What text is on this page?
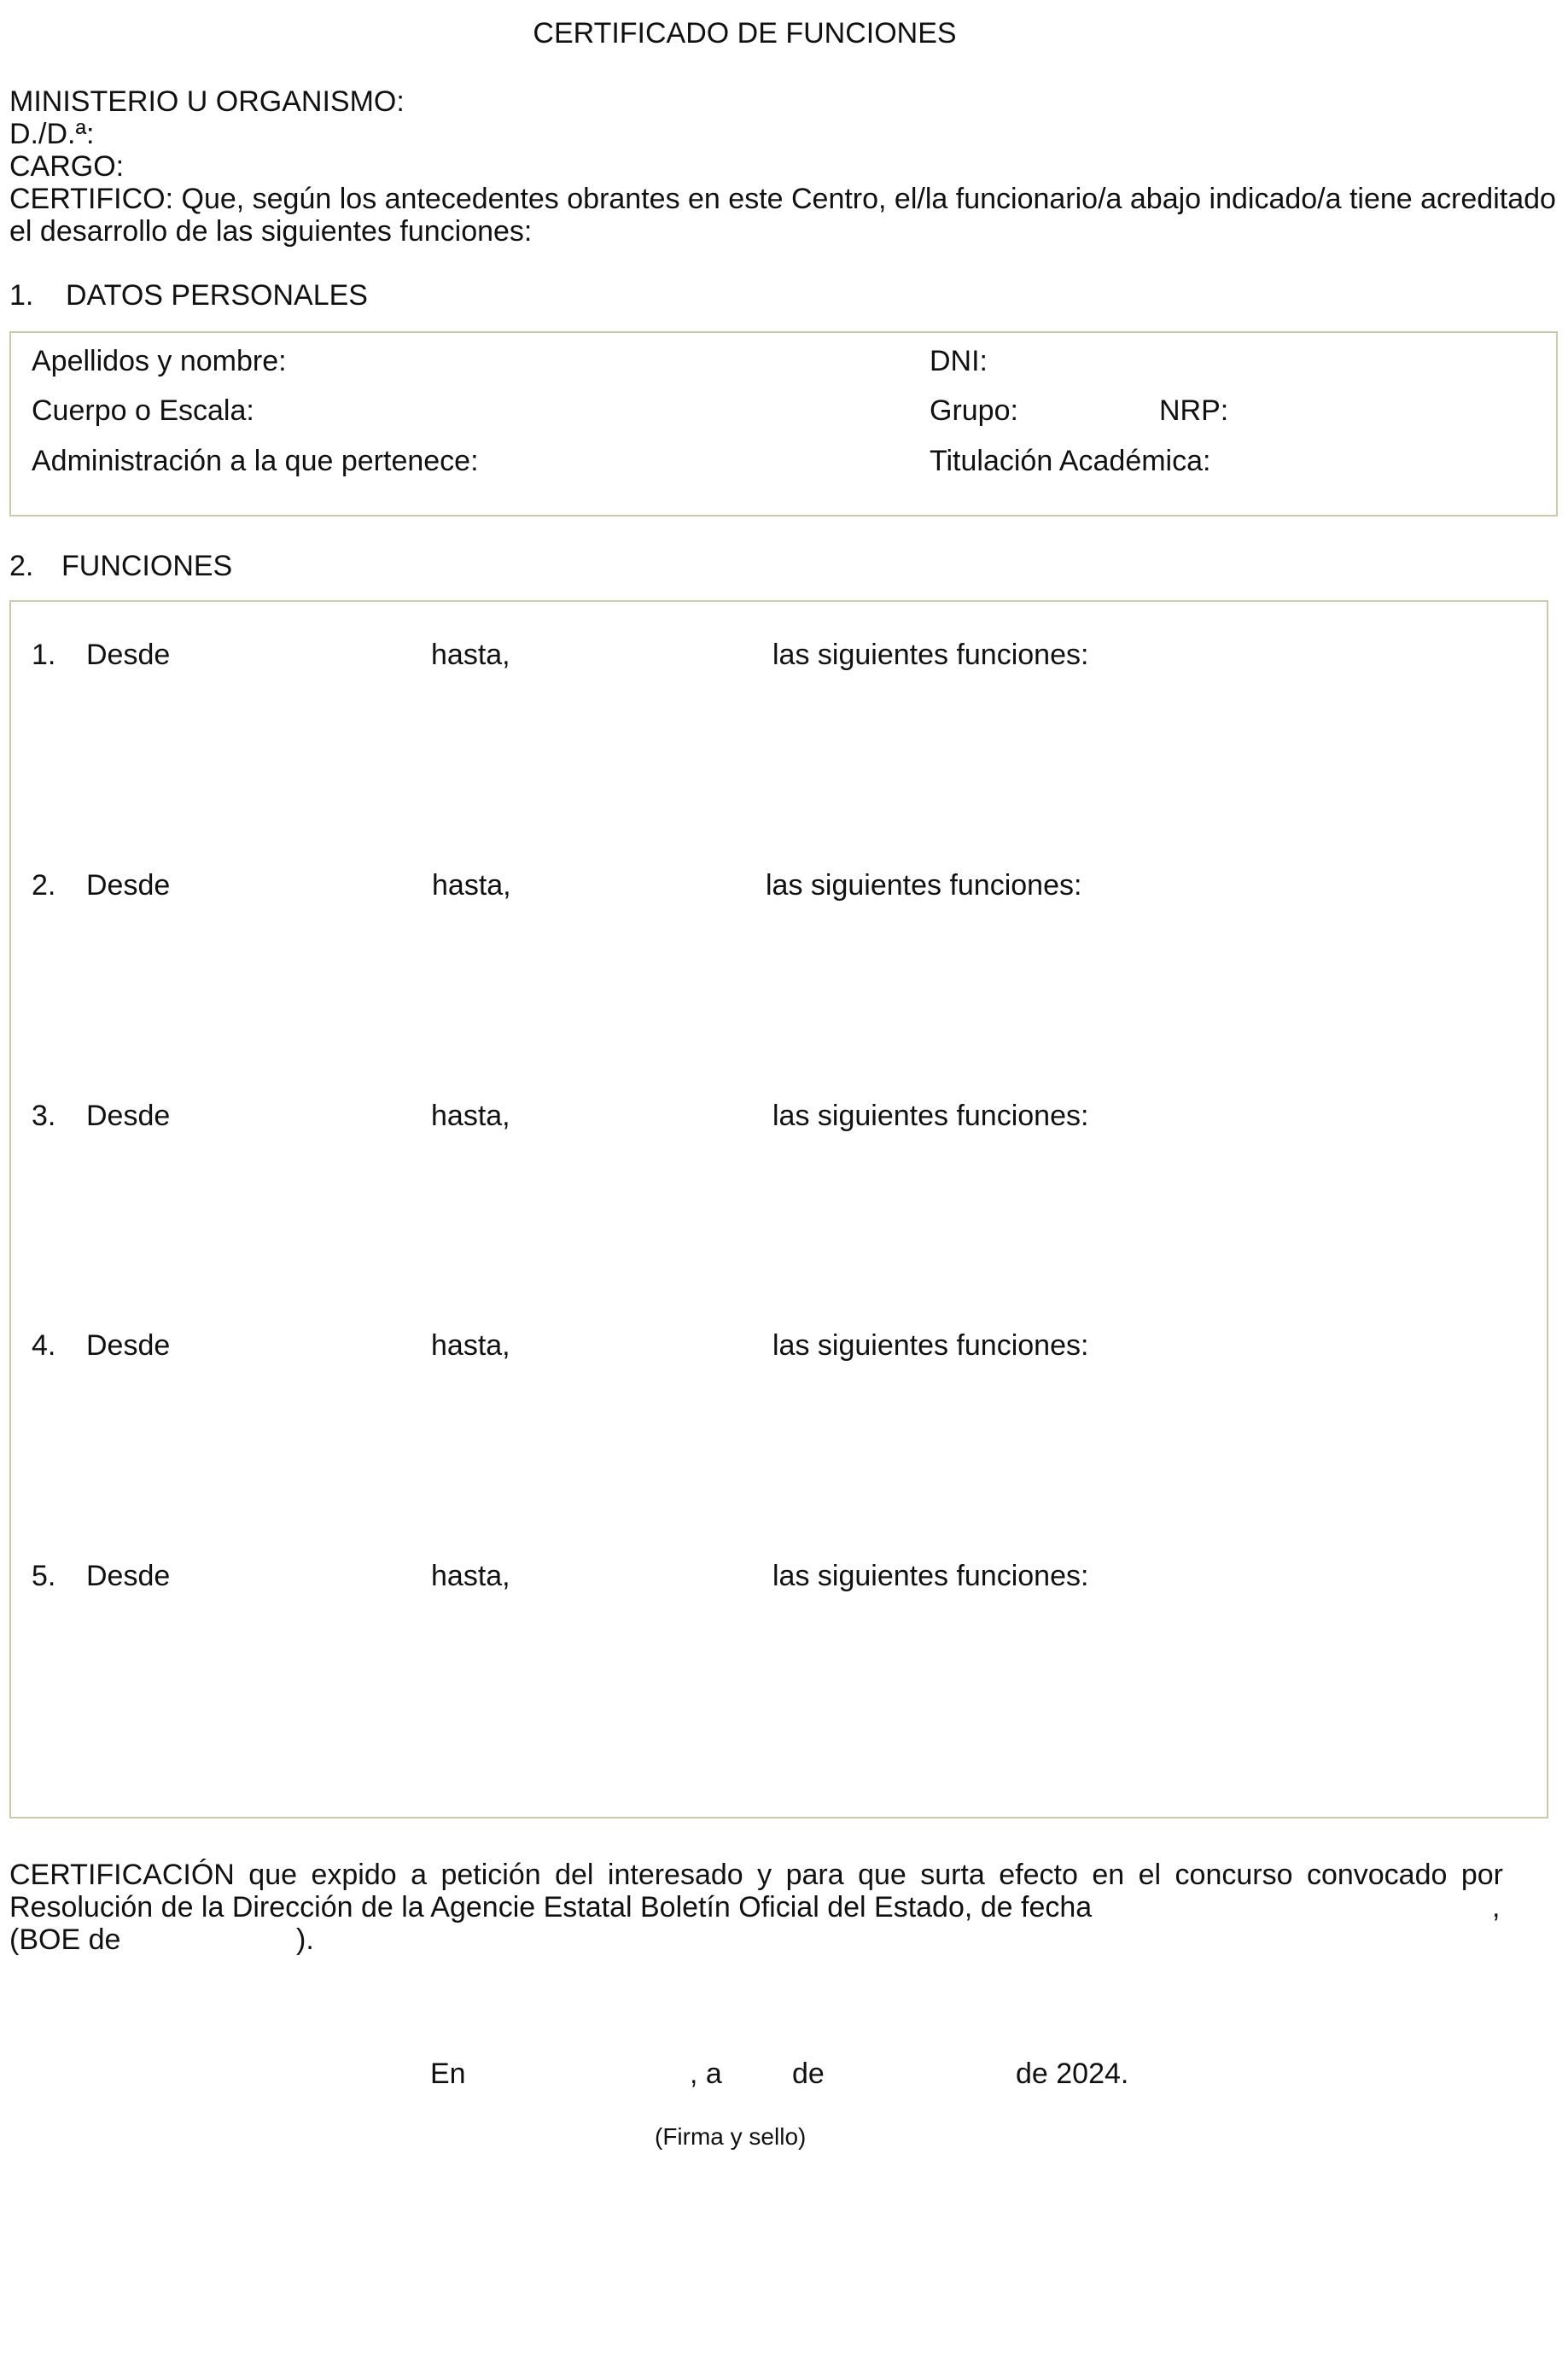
CERTIFICADO DE FUNCIONES
MINISTERIO U ORGANISMO:
D./D.ª:
CARGO:
CERTIFICO: Que, según los antecedentes obrantes en este Centro, el/la funcionario/a abajo indicado/a tiene acreditado
el desarrollo de las siguientes funciones:
1. DATOS PERSONALES
Apellidos y nombre:	DNI:
Cuerpo o Escala:	Grupo:	NRP:
Administración a la que pertenece:	Titulación Académica:
2. FUNCIONES
1. Desde	hasta,	las siguientes funciones:
2. Desde	hasta,	las siguientes funciones:
3. Desde	hasta,	las siguientes funciones:
4. Desde	hasta,	las siguientes funciones:
5. Desde	hasta,	las siguientes funciones:
CERTIFICACIÓN que expido a petición del interesado y para que surta efecto en el concurso convocado por
Resolución de la Dirección de la Agencie Estatal Boletín Oficial del Estado, de fecha	,
(BOE de	).
En	, a de	de 2024.
(Firma y sello)
